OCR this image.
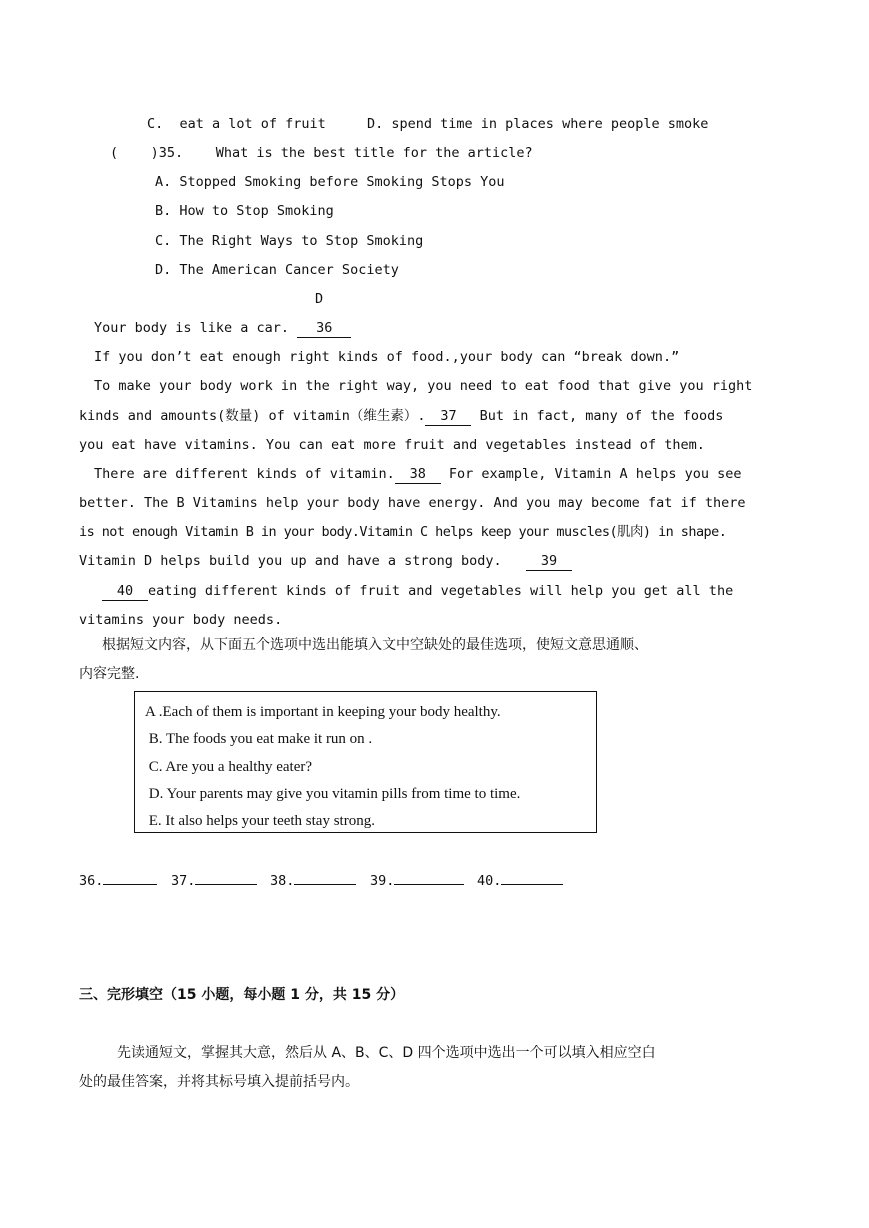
C.  eat a lot of fruit	D. spend time in places where people smoke
(    )35. What is the best title for the article?
A. Stopped Smoking before Smoking Stops You
B. How to Stop Smoking
C. The Right Ways to Stop Smoking
D. The American Cancer Society
D
Your body is like a car. 36
If you don’t eat enough right kinds of food.,your body can “break down.”
To make your body work in the right way, you need to eat food that give you right
kinds and amounts(数量) of vitamin（维生素）. 37 But in fact, many of the foods
you eat have vitamins. You can eat more fruit and vegetables instead of them.
There are different kinds of vitamin. 38 For example, Vitamin A helps you see
better. The B Vitamins help your body have energy. And you may become fat if there
is not enough Vitamin B in your body.Vitamin C helps keep your muscles(肌肉) in shape.
Vitamin D helps build you up and have a strong body.	39
40 eating different kinds of fruit and vegetables will help you get all the
vitamins your body needs.
根据短文内容，从下面五个选项中选出能填入文中空缺处的最佳选项，使短文意思通顺、
内容完整.
A .Each of them is important in keeping your body healthy.
B. The foods you eat make it run on .
C. Are you a healthy eater?
D. Your parents may give you vitamin pills from time to time.
E. It also helps your teeth stay strong.
36.	37.	38.	39.	40.
三、完形填空（15 小题，每小题 1 分，共 15 分）
先读通短文，掌握其大意，然后从 A、B、C、D 四个选项中选出一个可以填入相应空白
处的最佳答案，并将其标号填入提前括号内。
